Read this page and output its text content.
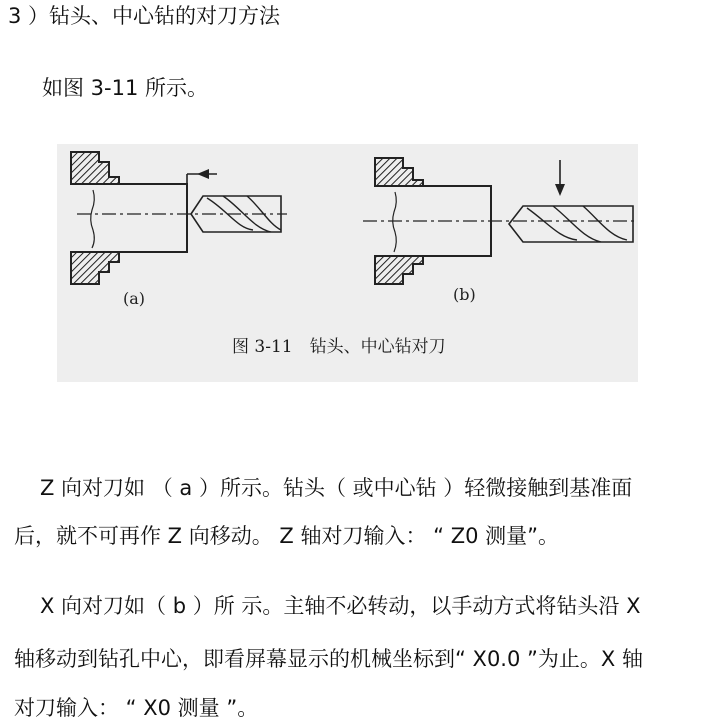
3 ）钻头、中心钻的对刀方法
如图 3-11 所示。
(a)	(b)
图 3-11　钻头、中心钻对刀
Z 向对刀如 （ a ）所示。钻头（ 或中心钻 ）轻微接触到基准面
后，就不可再作 Z 向移动。 Z 轴对刀输入： “ Z0 测量”。
X 向对刀如（ b ）所 示。主轴不必转动，以手动方式将钻头沿 X
轴移动到钻孔中心，即看屏幕显示的机械坐标到“ X0.0 ”为止。X 轴
对刀输入： “ X0 测量 ”。
